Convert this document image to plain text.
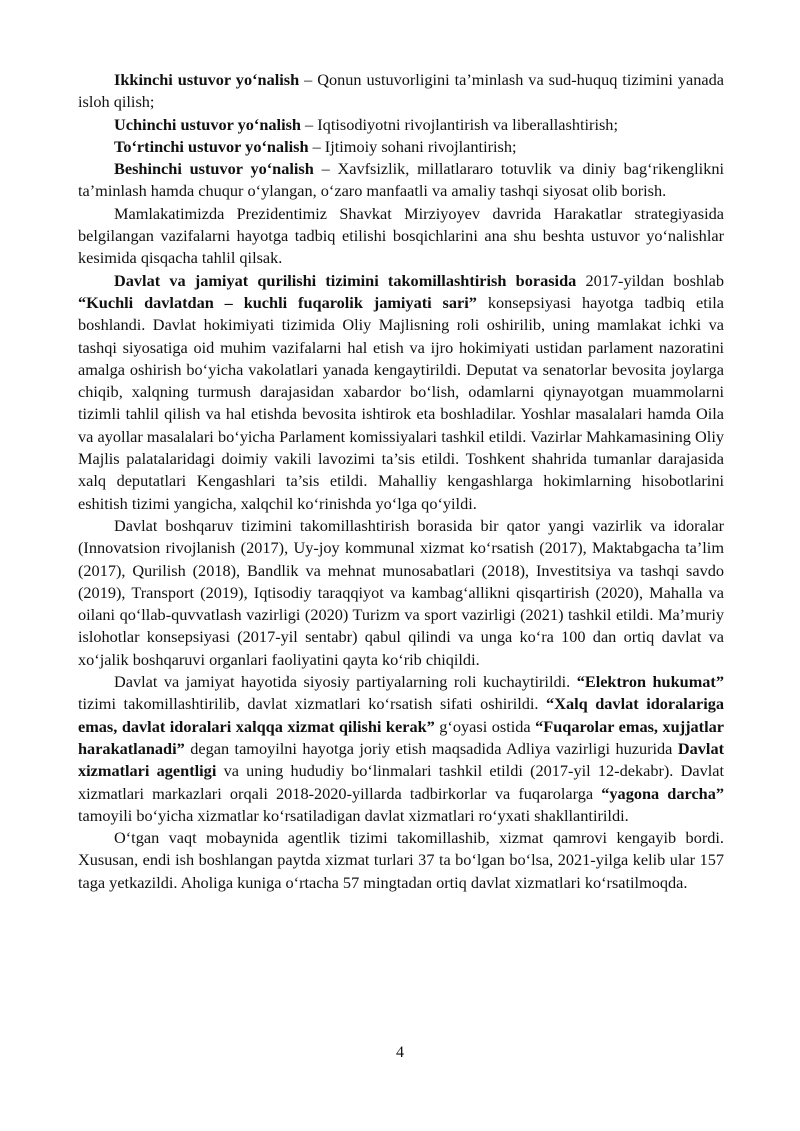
Ikkinchi ustuvor yo‘nalish – Qonun ustuvorligini ta’minlash va sud-huquq tizimini yanada isloh qilish;

Uchinchi ustuvor yo‘nalish – Iqtisodiyotni rivojlantirish va liberallashtirish;

To‘rtinchi ustuvor yo‘nalish – Ijtimoiy sohani rivojlantirish;

Beshinchi ustuvor yo‘nalish – Xavfsizlik, millatlararo totuvlik va diniy bag‘rikenglikni ta’minlash hamda chuqur o‘ylangan, o‘zaro manfaatli va amaliy tashqi siyosat olib borish.

Mamlakatimizda Prezidentimiz Shavkat Mirziyoyev davrida Harakatlar strategiyasida belgilangan vazifalarni hayotga tadbiq etilishi bosqichlarini ana shu beshta ustuvor yo‘nalishlar kesimida qisqacha tahlil qilsak.

Davlat va jamiyat qurilishi tizimini takomillashtirish borasida 2017-yildan boshlab “Kuchli davlatdan – kuchli fuqarolik jamiyati sari” konsepsiyasi hayotga tadbiq etila boshlandi. Davlat hokimiyati tizimida Oliy Majlisning roli oshirilib, uning mamlakat ichki va tashqi siyosatiga oid muhim vazifalarni hal etish va ijro hokimiyati ustidan parlament nazoratini amalga oshirish bo‘yicha vakolatlari yanada kengaytirildi. Deputat va senatorlar bevosita joylarga chiqib, xalqning turmush darajasidan xabardor bo‘lish, odamlarni qiynayotgan muammolarni tizimli tahlil qilish va hal etishda bevosita ishtirok eta boshladilar. Yoshlar masalalari hamda Oila va ayollar masalalari bo‘yicha Parlament komissiyalari tashkil etildi. Vazirlar Mahkamasining Oliy Majlis palatalaridagi doimiy vakili lavozimi ta’sis etildi. Toshkent shahrida tumanlar darajasida xalq deputatlari Kengashlari ta’sis etildi. Mahalliy kengashlarga hokimlarning hisobotlarini eshitish tizimi yangicha, xalqchil ko‘rinishda yo‘lga qo‘yildi.

Davlat boshqaruv tizimini takomillashtirish borasida bir qator yangi vazirlik va idoralar (Innovatsion rivojlanish (2017), Uy-joy kommunal xizmat ko‘rsatish (2017), Maktabgacha ta’lim (2017), Qurilish (2018), Bandlik va mehnat munosabatlari (2018), Investitsiya va tashqi savdo (2019), Transport (2019), Iqtisodiy taraqqiyot va kambag‘allikni qisqartirish (2020), Mahalla va oilani qo‘llab-quvvatlash vazirligi (2020) Turizm va sport vazirligi (2021) tashkil etildi. Ma’muriy islohotlar konsepsiyasi (2017-yil sentabr) qabul qilindi va unga ko‘ra 100 dan ortiq davlat va xo‘jalik boshqaruvi organlari faoliyatini qayta ko‘rib chiqildi.

Davlat va jamiyat hayotida siyosiy partiyalarning roli kuchaytirildi. “Elektron hukumat” tizimi takomillashtirilib, davlat xizmatlari ko‘rsatish sifati oshirildi. “Xalq davlat idoralariga emas, davlat idoralari xalqqa xizmat qilishi kerak” g‘oyasi ostida “Fuqarolar emas, xujjatlar harakatlanadi” degan tamoyilni hayotga joriy etish maqsadida Adliya vazirligi huzurida Davlat xizmatlari agentligi va uning hududiy bo‘linmalari tashkil etildi (2017-yil 12-dekabr). Davlat xizmatlari markazlari orqali 2018-2020-yillarda tadbirkorlar va fuqarolarga “yagona darcha” tamoyili bo‘yicha xizmatlar ko‘rsatiladigan davlat xizmatlari ro‘yxati shakllantirildi.

O‘tgan vaqt mobaynida agentlik tizimi takomillashib, xizmat qamrovi kengayib bordi. Xususan, endi ish boshlangan paytda xizmat turlari 37 ta bo‘lgan bo‘lsa, 2021-yilga kelib ular 157 taga yetkazildi. Aholiga kuniga o‘rtacha 57 mingtadan ortiq davlat xizmatlari ko‘rsatilmoqda.

4
